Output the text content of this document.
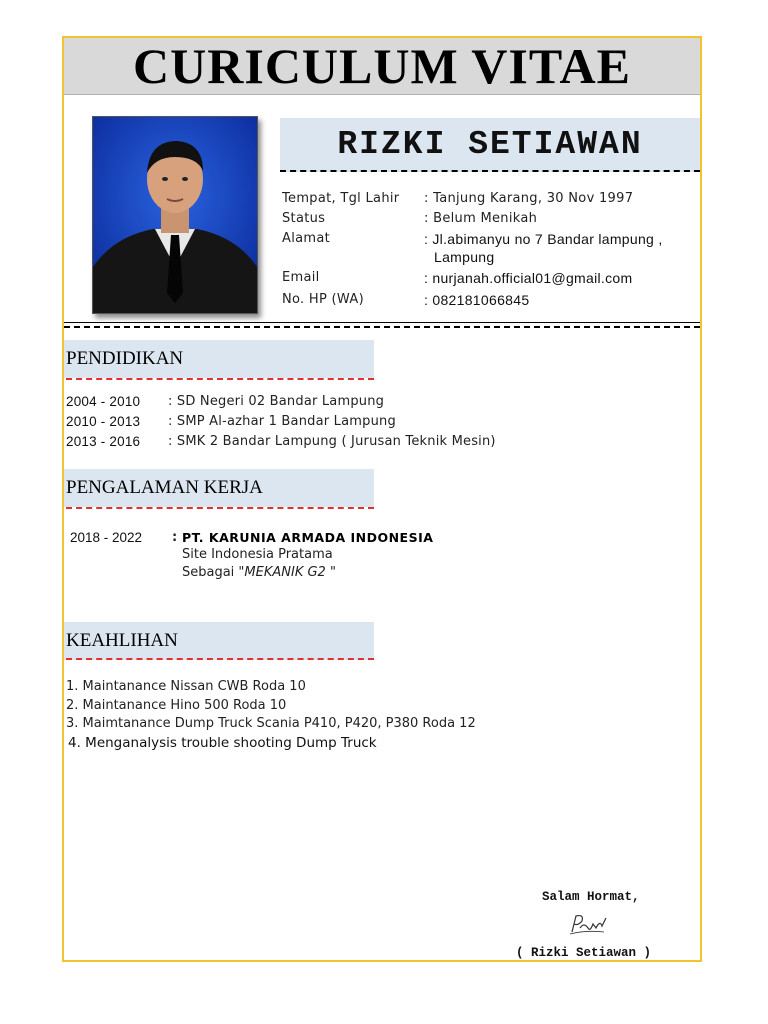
CURICULUM VITAE
RIZKI SETIAWAN
Tempat, Tgl Lahir : Tanjung Karang, 30 Nov 1997
Status	: Belum Menikah
Alamat	: Jl.abimanyu no 7 Bandar lampung ,
Lampung
Email	: nurjanah.official01@gmail.com
No. HP (WA)	: 082181066845
PENDIDIKAN
2004 - 2010 : SD Negeri 02 Bandar Lampung
2010 - 2013 : SMP Al-azhar 1 Bandar Lampung
2013 - 2016 : SMK 2 Bandar Lampung ( Jurusan Teknik Mesin)
PENGALAMAN KERJA
2018 - 2022 : PT. KARUNIA ARMADA INDONESIA
Site Indonesia Pratama
Sebagai "MEKANIK G2 "
KEAHLIHAN
1. Maintanance Nissan CWB Roda 10
2. Maintanance Hino 500 Roda 10
3. Maimtanance Dump Truck Scania P410, P420, P380 Roda 12
4. Menganalysis trouble shooting Dump Truck
Salam Hormat,
( Rizki Setiawan )
